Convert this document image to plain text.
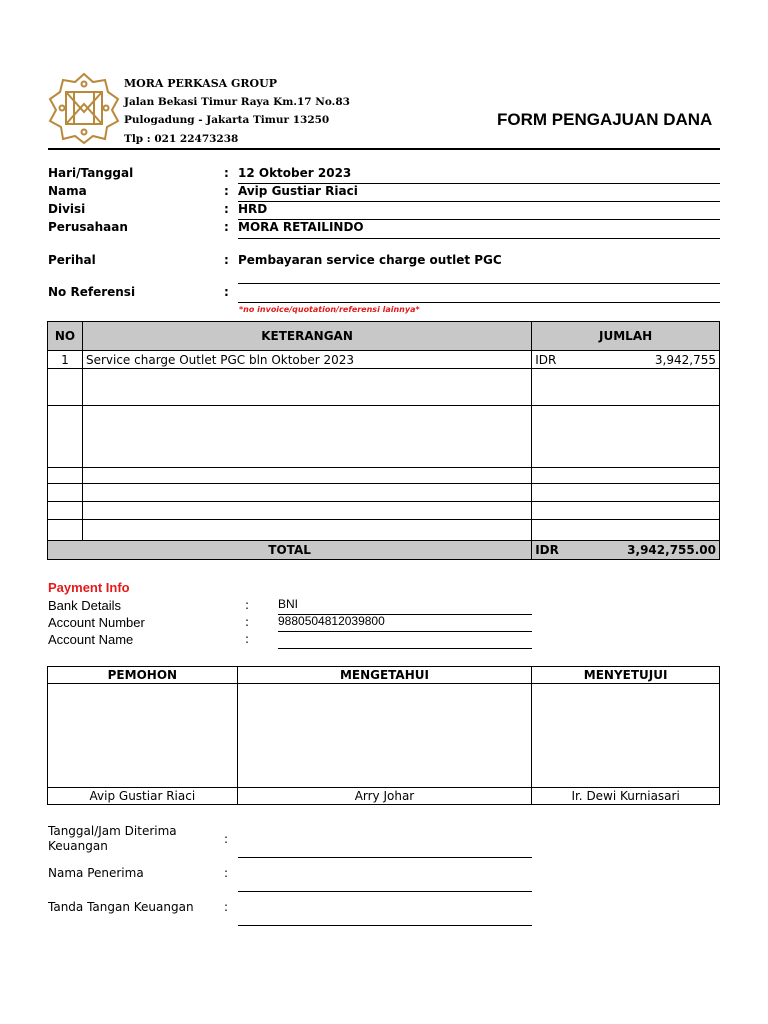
MORA PERKASA GROUP
Jalan Bekasi Timur Raya Km.17 No.83
Pulogadung - Jakarta Timur 13250
Tlp : 021 22473238
FORM PENGAJUAN DANA
Hari/Tanggal	: 12 Oktober 2023
Nama	: Avip Gustiar Riaci
Divisi	: HRD
Perusahaan	: MORA RETAILINDO
Perihal	: Pembayaran service charge outlet PGC
No Referensi	:
*no invoice/quotation/referensi lainnya*
NO	KETERANGAN	JUMLAH
1	Service charge Outlet PGC bln Oktober 2023	IDR 3,942,755

TOTAL		IDR 3,942,755.00
Payment Info
Bank Details	: BNI
Account Number	: 9880504812039800
Account Name	:
PEMOHON	MENGETAHUI	MENYETUJUI

Avip Gustiar Riaci	Arry Johar	Ir. Dewi Kurniasari
Tanggal/Jam Diterima
Keuangan	:
Nama Penerima	:
Tanda Tangan Keuangan	:
